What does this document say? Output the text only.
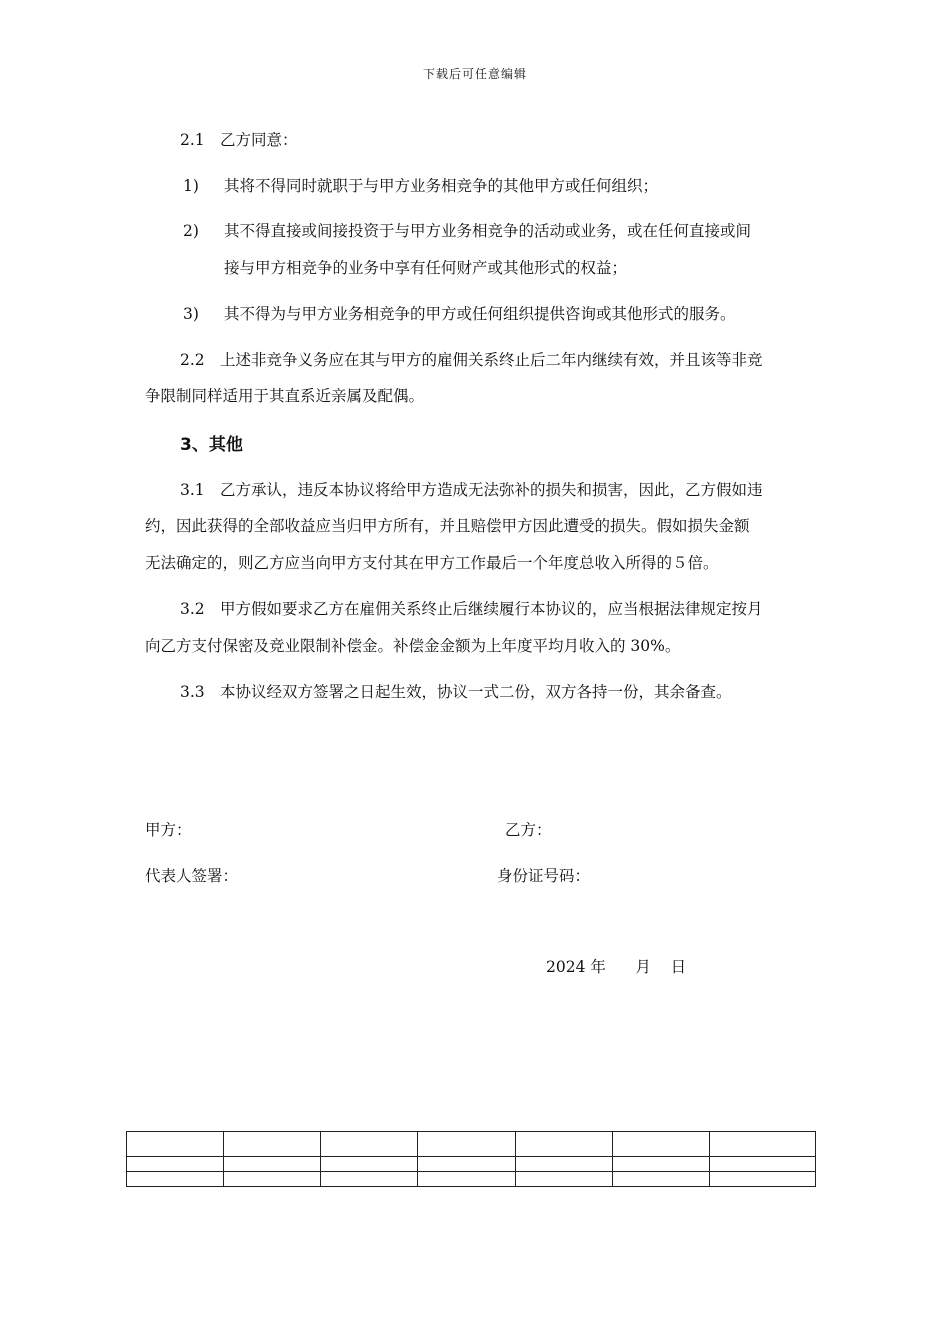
下载后可任意编辑
2.1 乙方同意：
1) 其将不得同时就职于与甲方业务相竞争的其他甲方或任何组织；
2) 其不得直接或间接投资于与甲方业务相竞争的活动或业务，或在任何直接或间
接与甲方相竞争的业务中享有任何财产或其他形式的权益；
3) 其不得为与甲方业务相竞争的甲方或任何组织提供咨询或其他形式的服务。
2.2 上述非竞争义务应在其与甲方的雇佣关系终止后二年内继续有效，并且该等非竞
争限制同样适用于其直系近亲属及配偶。
3、其他
3.1 乙方承认，违反本协议将给甲方造成无法弥补的损失和损害，因此，乙方假如违
约，因此获得的全部收益应当归甲方所有，并且赔偿甲方因此遭受的损失。假如损失金额
无法确定的，则乙方应当向甲方支付其在甲方工作最后一个年度总收入所得的５倍。
3.2 甲方假如要求乙方在雇佣关系终止后继续履行本协议的，应当根据法律规定按月
向乙方支付保密及竞业限制补偿金。补偿金金额为上年度平均月收入的 30%。
3.3 本协议经双方签署之日起生效，协议一式二份，双方各持一份，其余备查。
甲方：	乙方：
代表人签署：	身份证号码：
2024 年      月    日
